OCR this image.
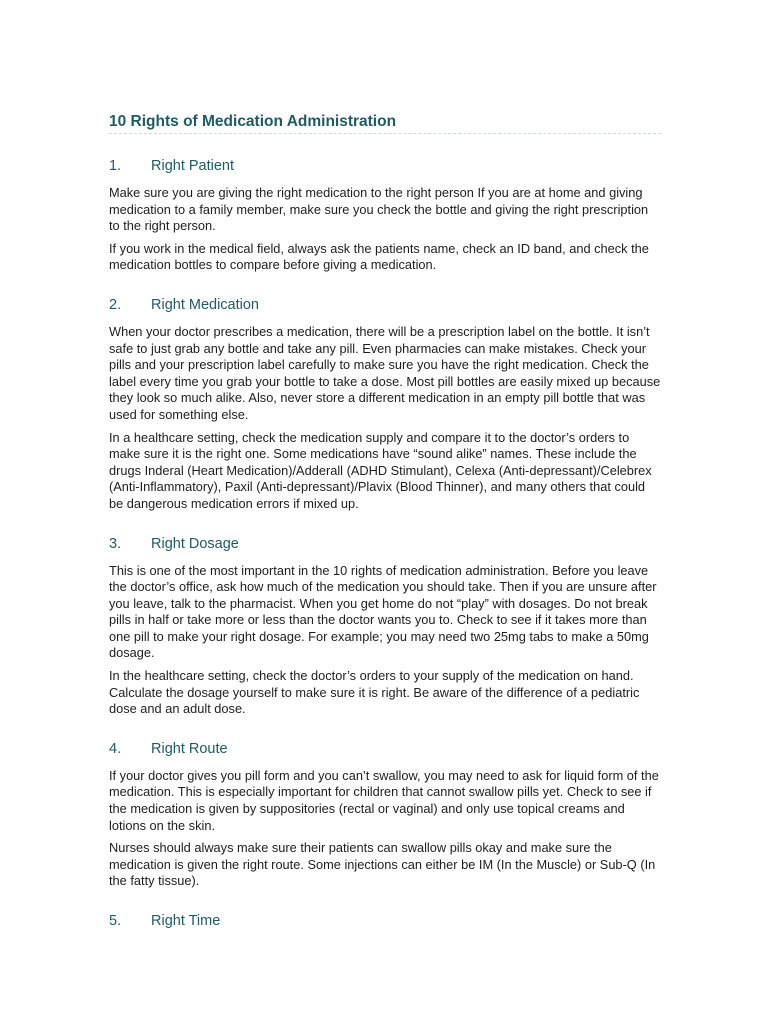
10 Rights of Medication Administration
1.	Right Patient

Make sure you are giving the right medication to the right person If you are at home and giving medication to a family member, make sure you check the bottle and giving the right prescription to the right person.

If you work in the medical field, always ask the patients name, check an ID band, and check the medication bottles to compare before giving a medication.

2.	Right Medication

When your doctor prescribes a medication, there will be a prescription label on the bottle. It isn’t safe to just grab any bottle and take any pill. Even pharmacies can make mistakes. Check your pills and your prescription label carefully to make sure you have the right medication. Check the label every time you grab your bottle to take a dose. Most pill bottles are easily mixed up because they look so much alike. Also, never store a different medication in an empty pill bottle that was used for something else.

In a healthcare setting, check the medication supply and compare it to the doctor’s orders to make sure it is the right one. Some medications have “sound alike” names. These include the drugs Inderal (Heart Medication)/Adderall (ADHD Stimulant), Celexa (Anti-depressant)/Celebrex (Anti-Inflammatory), Paxil (Anti-depressant)/Plavix (Blood Thinner), and many others that could be dangerous medication errors if mixed up.

3.	Right Dosage

This is one of the most important in the 10 rights of medication administration. Before you leave the doctor’s office, ask how much of the medication you should take. Then if you are unsure after you leave, talk to the pharmacist. When you get home do not “play” with dosages. Do not break pills in half or take more or less than the doctor wants you to. Check to see if it takes more than one pill to make your right dosage. For example; you may need two 25mg tabs to make a 50mg dosage.

In the healthcare setting, check the doctor’s orders to your supply of the medication on hand. Calculate the dosage yourself to make sure it is right. Be aware of the difference of a pediatric dose and an adult dose.

4.	Right Route

If your doctor gives you pill form and you can’t swallow, you may need to ask for liquid form of the medication. This is especially important for children that cannot swallow pills yet. Check to see if the medication is given by suppositories (rectal or vaginal) and only use topical creams and lotions on the skin.

Nurses should always make sure their patients can swallow pills okay and make sure the medication is given the right route. Some injections can either be IM (In the Muscle) or Sub-Q (In the fatty tissue).

5.	Right Time
